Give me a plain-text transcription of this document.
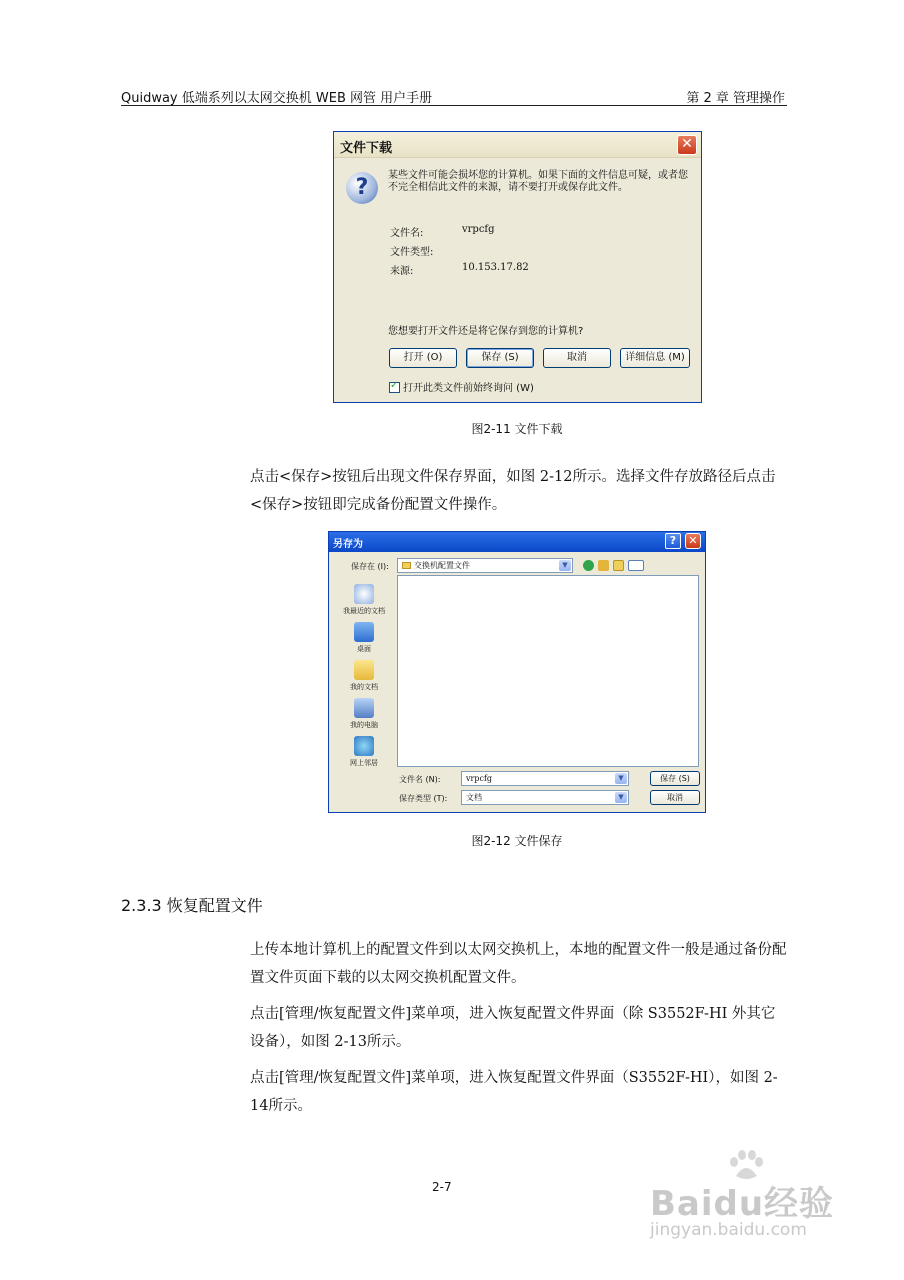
Quidway 低端系列以太网交换机 WEB 网管 用户手册	第 2 章 管理操作
文件下载	✕
?	某些文件可能会损坏您的计算机。如果下面的文件信息可疑，或者您不完全相信此文件的来源，请不要打开或保存此文件。
文件名:	vrpcfg
文件类型:
来源:	10.153.17.82
您想要打开文件还是将它保存到您的计算机?
打开 (O)	保存 (S)	取消	详细信息 (M)
✓打开此类文件前始终询问 (W)
图2-11 文件下载
点击<保存>按钮后出现文件保存界面，如图 2-12所示。选择文件存放路径后点击<保存>按钮即完成备份配置文件操作。
另存为	?	✕
保存在 (I):	交换机配置文件	▼
我最近的文档
桌面
我的文档
我的电脑
网上邻居
文件名 (N):	vrpcfg	▼	保存 (S)
保存类型 (T):	文档	▼	取消
图2-12 文件保存
2.3.3 恢复配置文件
上传本地计算机上的配置文件到以太网交换机上，本地的配置文件一般是通过备份配置文件页面下载的以太网交换机配置文件。
点击[管理/恢复配置文件]菜单项，进入恢复配置文件界面（除 S3552F-HI 外其它设备），如图 2-13所示。
点击[管理/恢复配置文件]菜单项，进入恢复配置文件界面（S3552F-HI），如图 2-14所示。
2-7	Baidu经验
jingyan.baidu.com
